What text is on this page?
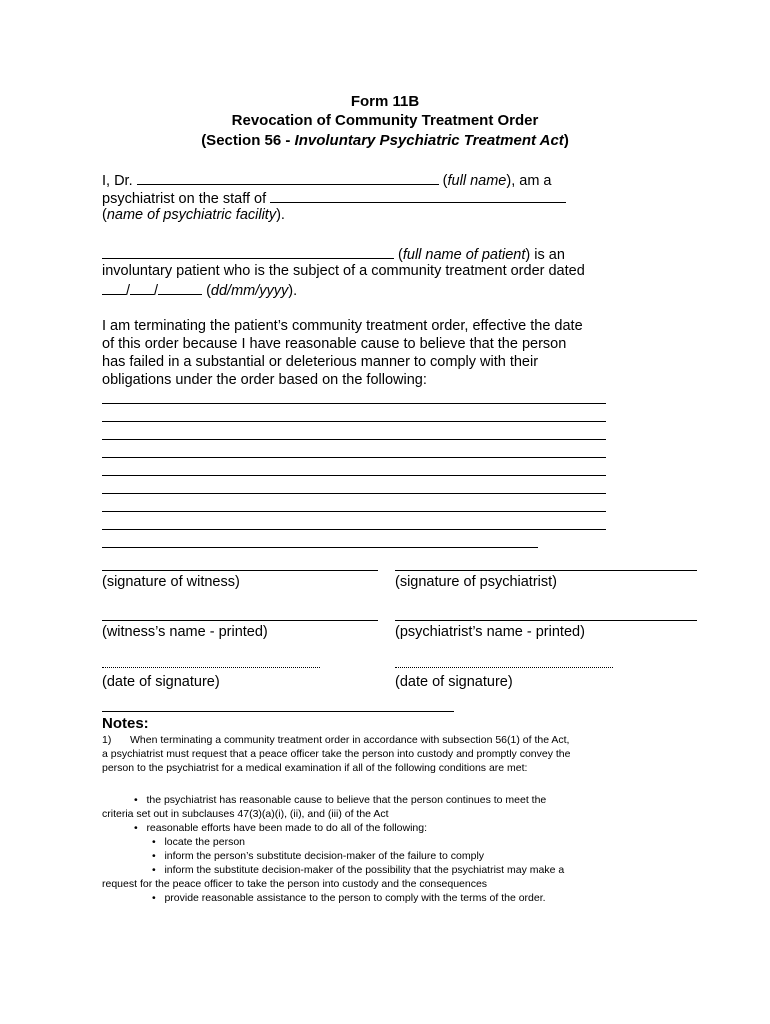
Form 11B
Revocation of Community Treatment Order
(Section 56 - Involuntary Psychiatric Treatment Act)
I, Dr.	(full name), am a
psychiatrist on the staff of
(name of psychiatric facility).
(full name of patient) is an
involuntary patient who is the subject of a community treatment order dated
/ /	(dd/mm/yyyy).
I am terminating the patient’s community treatment order, effective the date
of this order because I have reasonable cause to believe that the person
has failed in a substantial or deleterious manner to comply with their
obligations under the order based on the following:
(signature of witness)	(signature of psychiatrist)
(witness’s name - printed)	(psychiatrist’s name - printed)
(date of signature)	(date of signature)
Notes:
1) When terminating a community treatment order in accordance with subsection 56(1) of the Act,
a psychiatrist must request that a peace officer take the person into custody and promptly convey the
person to the psychiatrist for a medical examination if all of the following conditions are met:
•   the psychiatrist has reasonable cause to believe that the person continues to meet the
criteria set out in subclauses 47(3)(a)(i), (ii), and (iii) of the Act
•   reasonable efforts have been made to do all of the following:
•   locate the person
•   inform the person’s substitute decision-maker of the failure to comply
•   inform the substitute decision-maker of the possibility that the psychiatrist may make a
request for the peace officer to take the person into custody and the consequences
•   provide reasonable assistance to the person to comply with the terms of the order.
